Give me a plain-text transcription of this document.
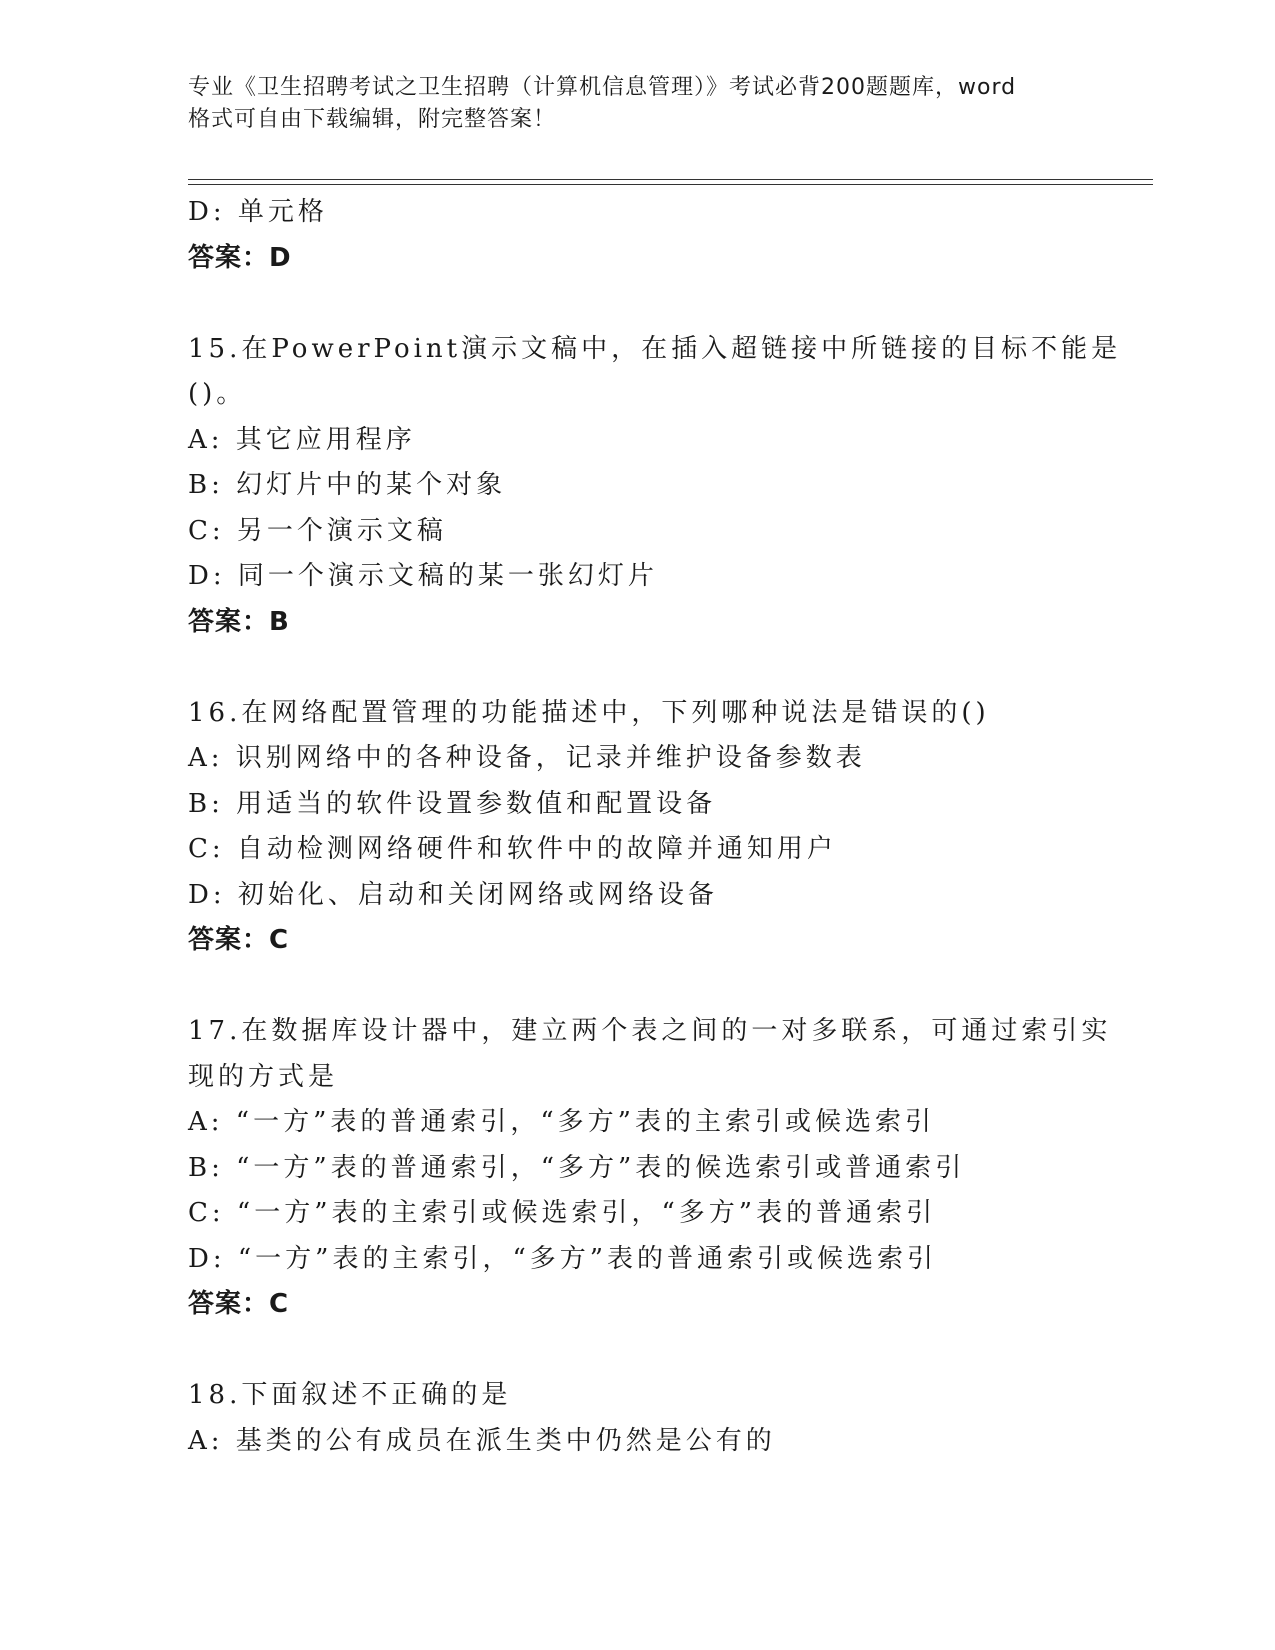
专业《卫生招聘考试之卫生招聘（计算机信息管理）》考试必背200题题库，word
格式可自由下载编辑，附完整答案！
D: 单元格
答案：D
15.在PowerPoint演示文稿中，在插入超链接中所链接的目标不能是
()。
A: 其它应用程序
B: 幻灯片中的某个对象
C: 另一个演示文稿
D: 同一个演示文稿的某一张幻灯片
答案：B
16.在网络配置管理的功能描述中，下列哪种说法是错误的()
A: 识别网络中的各种设备，记录并维护设备参数表
B: 用适当的软件设置参数值和配置设备
C: 自动检测网络硬件和软件中的故障并通知用户
D: 初始化、启动和关闭网络或网络设备
答案：C
17.在数据库设计器中，建立两个表之间的一对多联系，可通过索引实
现的方式是
A: “一方”表的普通索引，“多方”表的主索引或候选索引
B: “一方”表的普通索引，“多方”表的候选索引或普通索引
C: “一方”表的主索引或候选索引，“多方”表的普通索引
D: “一方”表的主索引，“多方”表的普通索引或候选索引
答案：C
18.下面叙述不正确的是
A: 基类的公有成员在派生类中仍然是公有的
